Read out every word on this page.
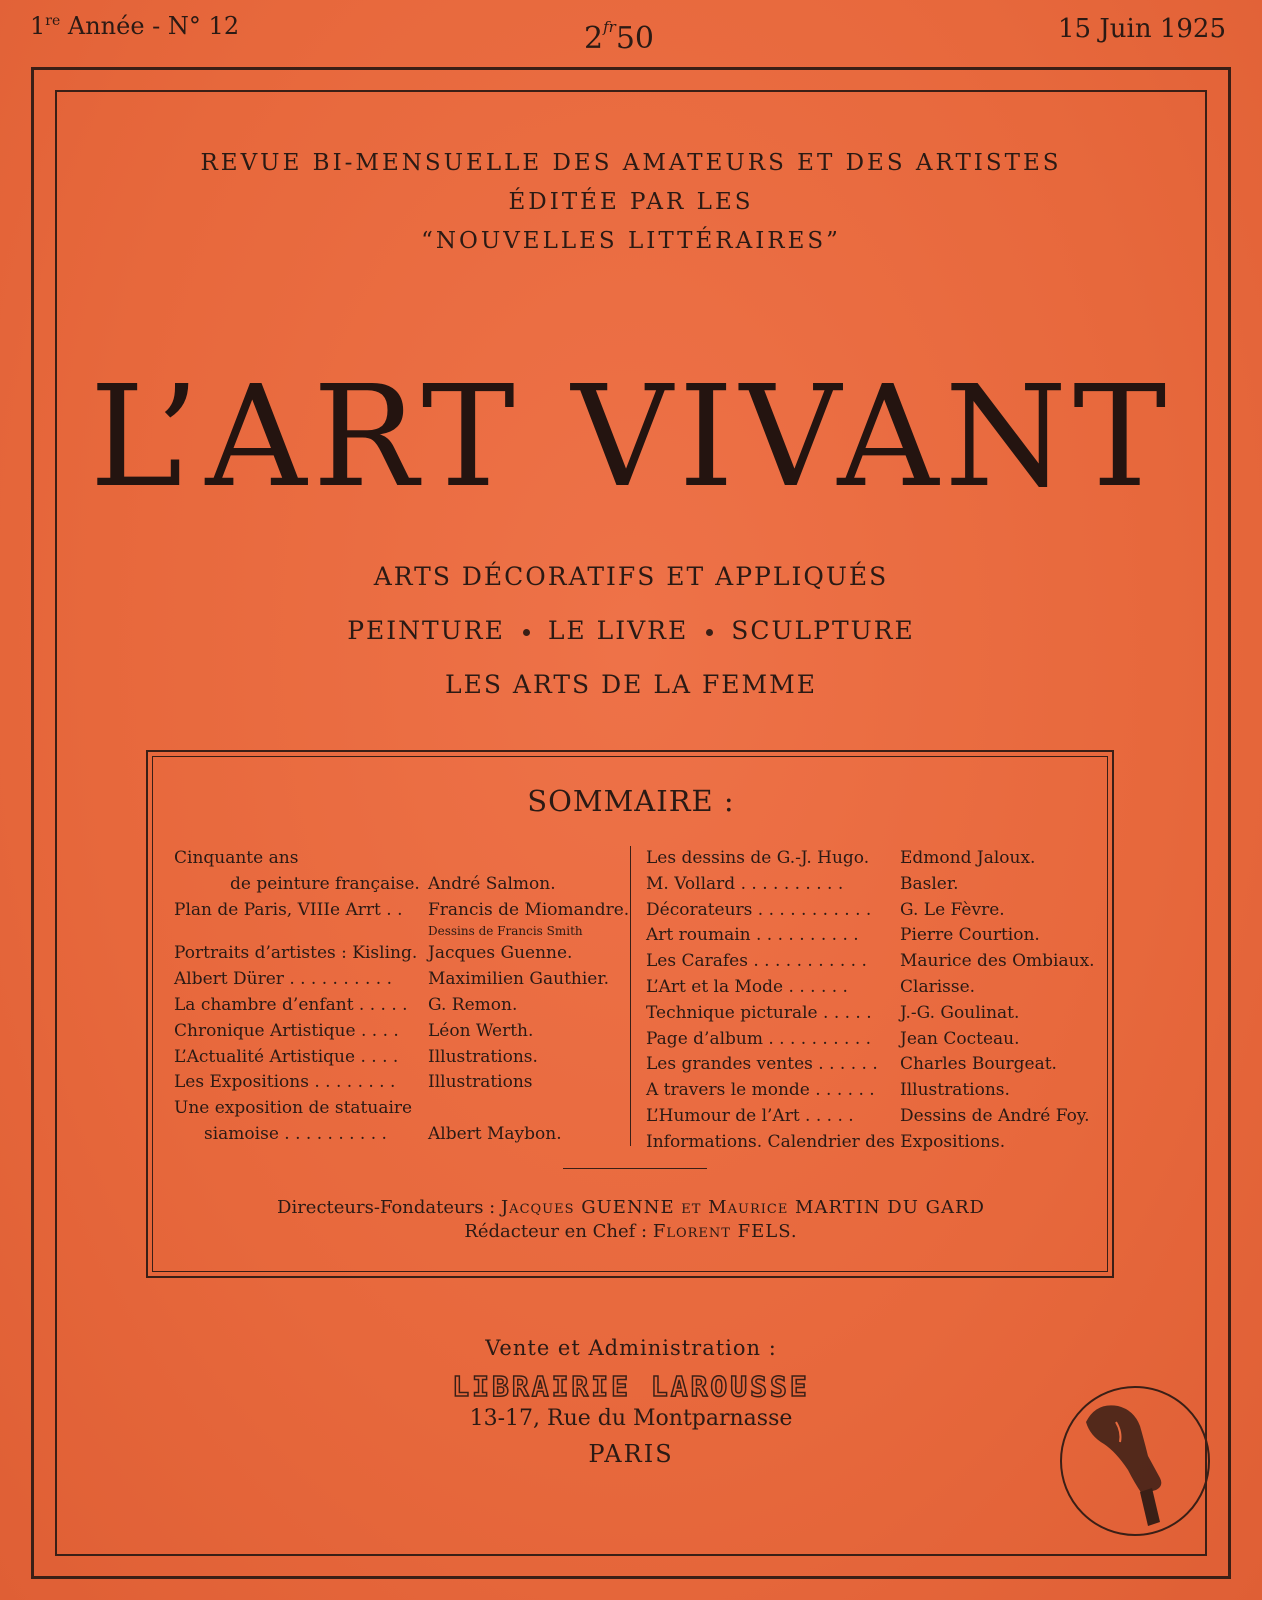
1re Année - N° 12	$2^{fr}50$	15 Juin 1925
REVUE BI-MENSUELLE DES AMATEURS ET DES ARTISTES
ÉDITÉE PAR LES
“NOUVELLES LITTÉRAIRES”
L’ART VIVANT
ARTS DÉCORATIFS ET APPLIQUÉS
PEINTURE LE LIVRE SCULPTURE
LES ARTS DE LA FEMME
SOMMAIRE :
Cinquante ans
de peinture française. André Salmon.
Plan de Paris, VIIIe Arrt . . Francis de Miomandre.
Dessins de Francis Smith
Portraits d’artistes : Kisling. Jacques Guenne.
Albert Dürer . . . . . . . . . . Maximilien Gauthier.
La chambre d’enfant . . . . . G. Remon.
Chronique Artistique . . . . Léon Werth.
L’Actualité Artistique . . . . Illustrations.
Les Expositions . . . . . . . . Illustrations
Une exposition de statuaire
siamoise . . . . . . . . . . Albert Maybon.
Les dessins de G.-J. Hugo. Edmond Jaloux.
M. Vollard . . . . . . . . . .	Basler.
Décorateurs . . . . . . . . . . . G. Le Fèvre.
Art roumain . . . . . . . . . . Pierre Courtion.
Les Carafes . . . . . . . . . . . Maurice des Ombiaux.
L’Art et la Mode . . . . . .	Clarisse.
Technique picturale . . . . . J.-G. Goulinat.
Page d’album . . . . . . . . . . Jean Cocteau.
Les grandes ventes . . . . . . Charles Bourgeat.
A travers le monde . . . . . . Illustrations.
L’Humour de l’Art . . . . .	Dessins de André Foy.
Informations. Calendrier des Expositions.
Directeurs-Fondateurs : Jacques GUENNE et Maurice MARTIN DU GARD
Rédacteur en Chef : Florent FELS.
Vente et Administration :
LIBRAIRIE LAROUSSE
13-17, Rue du Montparnasse
PARIS
